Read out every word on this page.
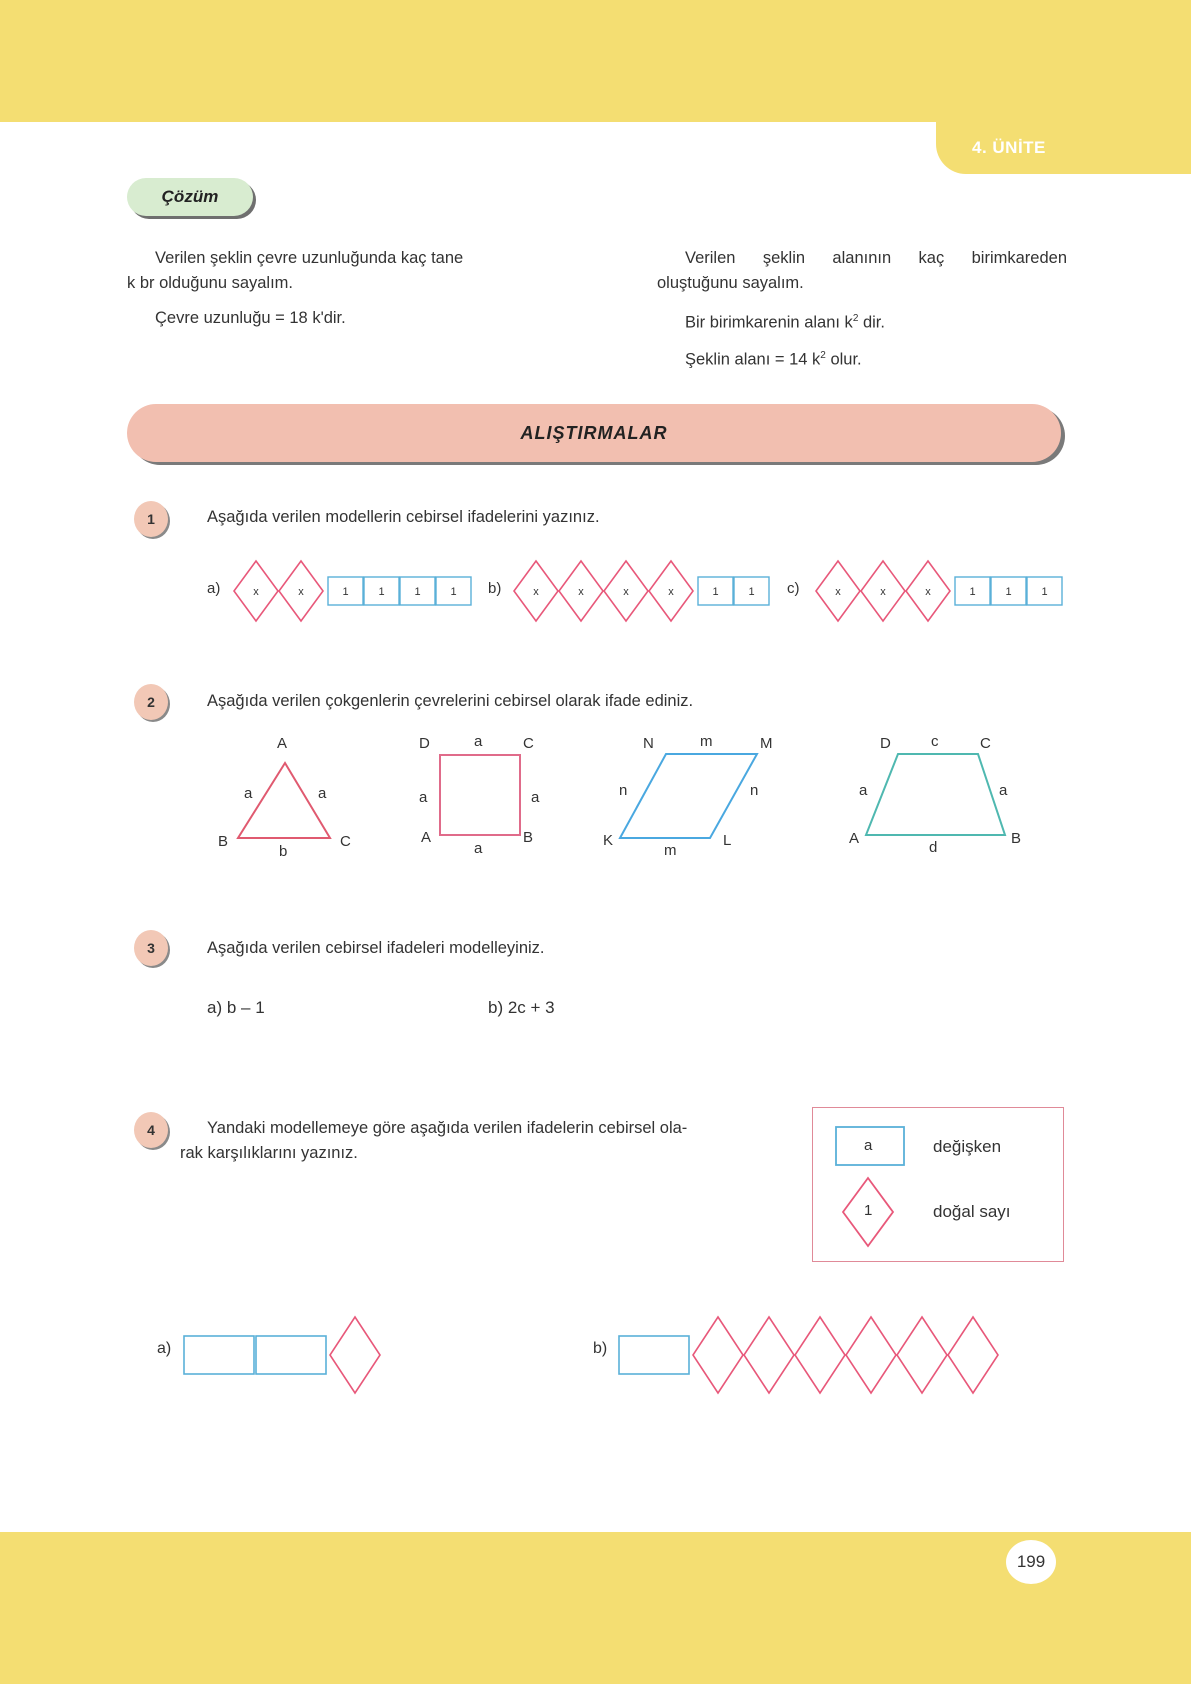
4. ÜNİTE
Çözüm

Verilen şeklin çevre uzunluğunda kaç tane

k br olduğunu sayalım.

Çevre uzunluğu = 18 k'dir.

Verilen şeklin alanının kaç birimkareden

oluştuğunu sayalım.

Bir birimkarenin alanı $k^2$ dir.

Şeklin alanı = 14 $k^2$ olur.

ALIŞTIRMALAR
1	Aşağıda verilen modellerin cebirsel ifadelerini yazınız.
a)	b)	c)
x	x	1	1	1	1	x	x	x	x	1	1	x	x	x	1	1	1
2	Aşağıda verilen çokgenlerin çevrelerini cebirsel olarak ifade ediniz.
A
a	a
B	C
b
D	a	C
a	a
A
a
B
N	m	M
n	n
K
m
L
D	c	C
a	a
A
d
B
3	Aşağıda verilen cebirsel ifadeleri modelleyiniz.
a) b – 1	b) 2c + 3
4	Yandaki modellemeye göre aşağıda verilen ifadelerin cebirsel ola-

rak karşılıklarını yazınız.	a	değişken
1	doğal sayı
a)	b)
199
